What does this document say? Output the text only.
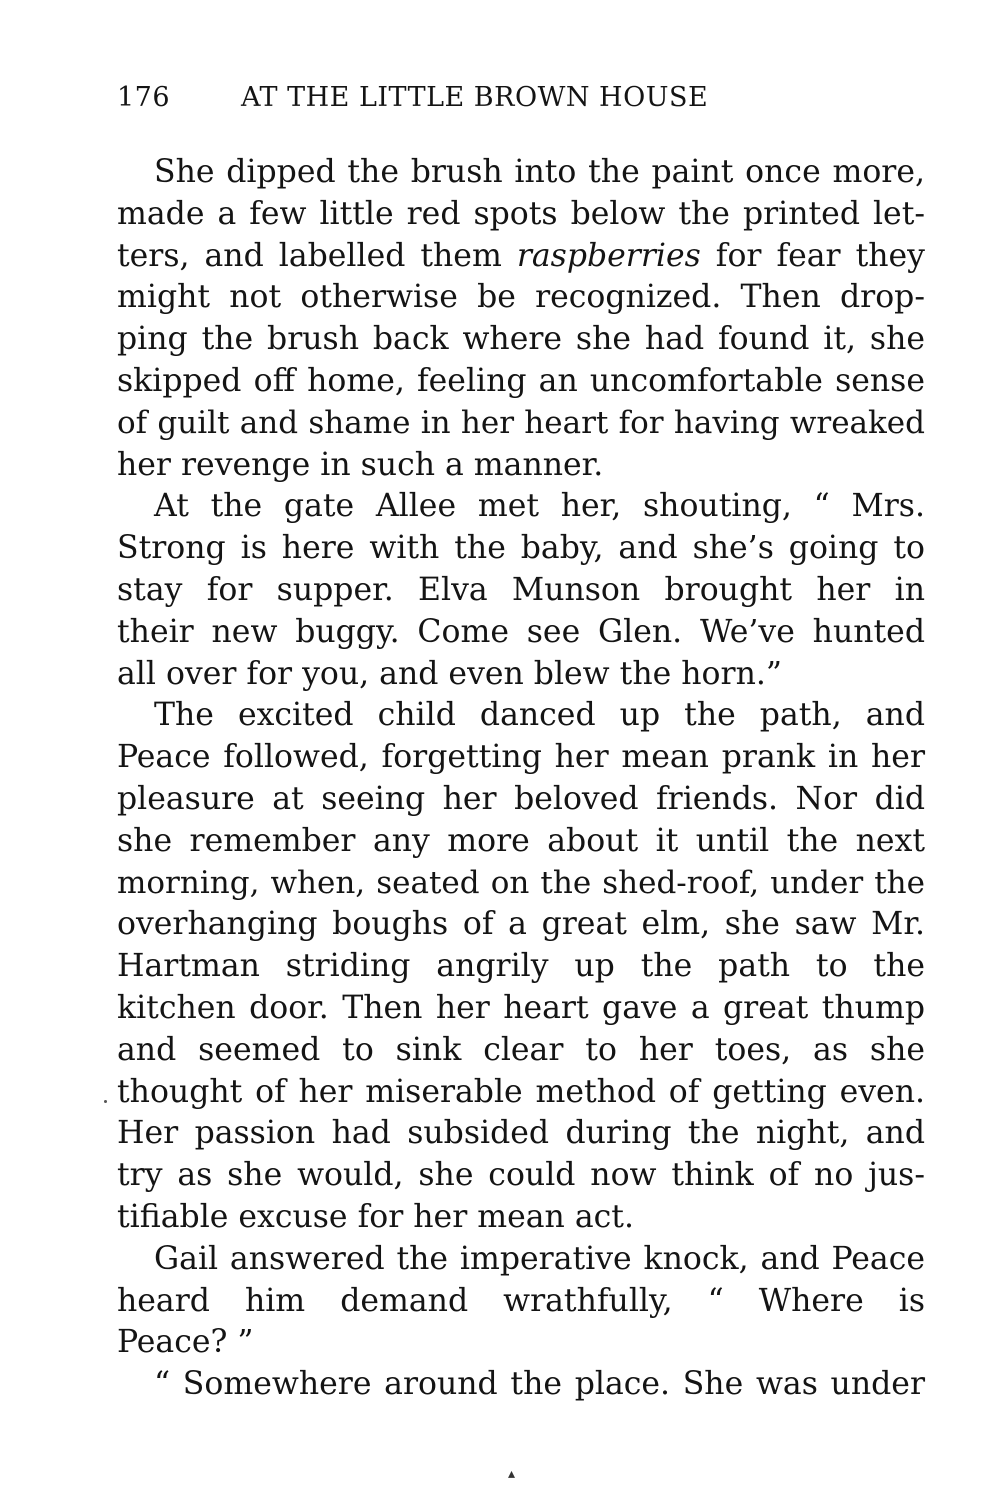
176	AT THE LITTLE BROWN HOUSE
She dipped the brush into the paint once more,
made a few little red spots below the printed let-
ters, and labelled them raspberries for fear they
might not otherwise be recognized. Then drop-
ping the brush back where she had found it, she
skipped off home, feeling an uncomfortable sense
of guilt and shame in her heart for having wreaked
her revenge in such a manner.
At the gate Allee met her, shouting, “ Mrs.
Strong is here with the baby, and she’s going to
stay for supper. Elva Munson brought her in
their new buggy. Come see Glen. We’ve hunted
all over for you, and even blew the horn.”
The excited child danced up the path, and
Peace followed, forgetting her mean prank in her
pleasure at seeing her beloved friends. Nor did
she remember any more about it until the next
morning, when, seated on the shed-roof, under the
overhanging boughs of a great elm, she saw Mr.
Hartman striding angrily up the path to the
kitchen door. Then her heart gave a great thump
and seemed to sink clear to her toes, as she
thought of her miserable method of getting even.
Her passion had subsided during the night, and
try as she would, she could now think of no jus-
tifiable excuse for her mean act.
Gail answered the imperative knock, and Peace
heard him demand wrathfully, “ Where is
Peace? ”
“ Somewhere around the place. She was under
▴
